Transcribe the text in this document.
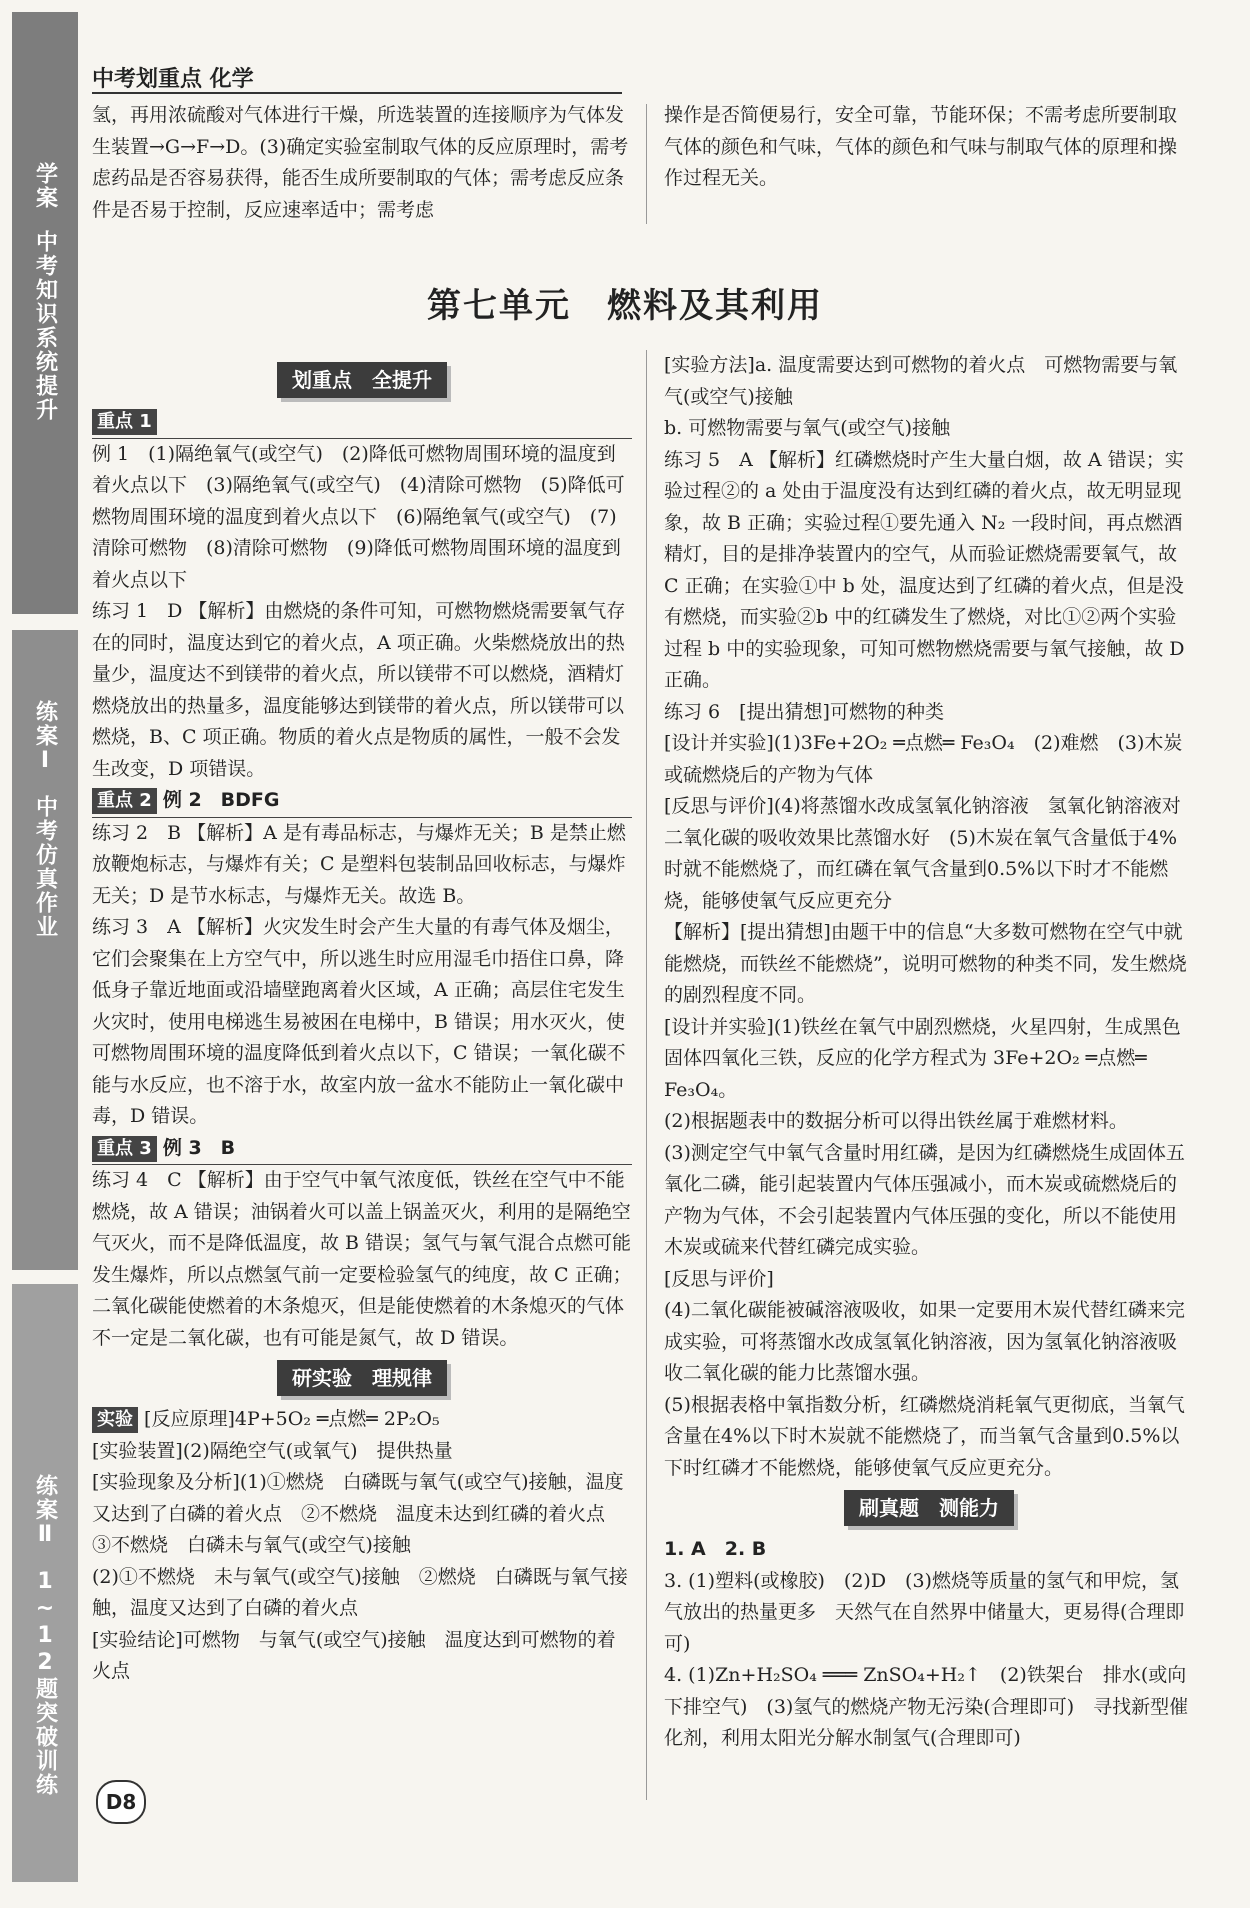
学案
中考知识系统提升
练案Ⅰ
中考仿真作业
练案Ⅱ
1~12题突破训练
中考划重点 化学

氢，再用浓硫酸对气体进行干燥，所选装置的连接顺序为气体发生装置→G→F→D。(3)确定实验室制取气体的反应原理时，需考虑药品是否容易获得，能否生成所要制取的气体；需考虑反应条件是否易于控制，反应速率适中；需考虑

操作是否简便易行，安全可靠，节能环保；不需考虑所要制取气体的颜色和气味，气体的颜色和气味与制取气体的原理和操作过程无关。

第七单元　燃料及其利用
划重点　全提升
重点 1

例 1　(1)隔绝氧气(或空气)　(2)降低可燃物周围环境的温度到着火点以下　(3)隔绝氧气(或空气)　(4)清除可燃物　(5)降低可燃物周围环境的温度到着火点以下　(6)隔绝氧气(或空气)　(7)清除可燃物　(8)清除可燃物　(9)降低可燃物周围环境的温度到着火点以下

练习 1　D 【解析】由燃烧的条件可知，可燃物燃烧需要氧气存在的同时，温度达到它的着火点，A 项正确。火柴燃烧放出的热量少，温度达不到镁带的着火点，所以镁带不可以燃烧，酒精灯燃烧放出的热量多，温度能够达到镁带的着火点，所以镁带可以燃烧，B、C 项正确。物质的着火点是物质的属性，一般不会发生改变，D 项错误。

重点 2 例 2　BDFG

练习 2　B 【解析】A 是有毒品标志，与爆炸无关；B 是禁止燃放鞭炮标志，与爆炸有关；C 是塑料包装制品回收标志，与爆炸无关；D 是节水标志，与爆炸无关。故选 B。

练习 3　A 【解析】火灾发生时会产生大量的有毒气体及烟尘，它们会聚集在上方空气中，所以逃生时应用湿毛巾捂住口鼻，降低身子靠近地面或沿墙壁跑离着火区域，A 正确；高层住宅发生火灾时，使用电梯逃生易被困在电梯中，B 错误；用水灭火，使可燃物周围环境的温度降低到着火点以下，C 错误；一氧化碳不能与水反应，也不溶于水，故室内放一盆水不能防止一氧化碳中毒，D 错误。

重点 3 例 3　B

练习 4　C 【解析】由于空气中氧气浓度低，铁丝在空气中不能燃烧，故 A 错误；油锅着火可以盖上锅盖灭火，利用的是隔绝空气灭火，而不是降低温度，故 B 错误；氢气与氧气混合点燃可能发生爆炸，所以点燃氢气前一定要检验氢气的纯度，故 C 正确；二氧化碳能使燃着的木条熄灭，但是能使燃着的木条熄灭的气体不一定是二氧化碳，也有可能是氮气，故 D 错误。

研实验　理规律

实验 [反应原理]4P+5O₂ ═点燃═ 2P₂O₅

[实验装置](2)隔绝空气(或氧气)　提供热量

[实验现象及分析](1)①燃烧　白磷既与氧气(或空气)接触，温度又达到了白磷的着火点　②不燃烧　温度未达到红磷的着火点　③不燃烧　白磷未与氧气(或空气)接触

(2)①不燃烧　未与氧气(或空气)接触　②燃烧　白磷既与氧气接触，温度又达到了白磷的着火点

[实验结论]可燃物　与氧气(或空气)接触　温度达到可燃物的着火点

[实验方法]a. 温度需要达到可燃物的着火点　可燃物需要与氧气(或空气)接触

b. 可燃物需要与氧气(或空气)接触

练习 5　A 【解析】红磷燃烧时产生大量白烟，故 A 错误；实验过程②的 a 处由于温度没有达到红磷的着火点，故无明显现象，故 B 正确；实验过程①要先通入 N₂ 一段时间，再点燃酒精灯，目的是排净装置内的空气，从而验证燃烧需要氧气，故 C 正确；在实验①中 b 处，温度达到了红磷的着火点，但是没有燃烧，而实验②b 中的红磷发生了燃烧，对比①②两个实验过程 b 中的实验现象，可知可燃物燃烧需要与氧气接触，故 D 正确。

练习 6　[提出猜想]可燃物的种类

[设计并实验](1)3Fe+2O₂ ═点燃═ Fe₃O₄　(2)难燃　(3)木炭或硫燃烧后的产物为气体

[反思与评价](4)将蒸馏水改成氢氧化钠溶液　氢氧化钠溶液对二氧化碳的吸收效果比蒸馏水好　(5)木炭在氧气含量低于4%时就不能燃烧了，而红磷在氧气含量到0.5%以下时才不能燃烧，能够使氧气反应更充分

【解析】[提出猜想]由题干中的信息“大多数可燃物在空气中就能燃烧，而铁丝不能燃烧”，说明可燃物的种类不同，发生燃烧的剧烈程度不同。

[设计并实验](1)铁丝在氧气中剧烈燃烧，火星四射，生成黑色固体四氧化三铁，反应的化学方程式为 3Fe+2O₂ ═点燃═ Fe₃O₄。

(2)根据题表中的数据分析可以得出铁丝属于难燃材料。

(3)测定空气中氧气含量时用红磷，是因为红磷燃烧生成固体五氧化二磷，能引起装置内气体压强减小，而木炭或硫燃烧后的产物为气体，不会引起装置内气体压强的变化，所以不能使用木炭或硫来代替红磷完成实验。

[反思与评价]

(4)二氧化碳能被碱溶液吸收，如果一定要用木炭代替红磷来完成实验，可将蒸馏水改成氢氧化钠溶液，因为氢氧化钠溶液吸收二氧化碳的能力比蒸馏水强。

(5)根据表格中氧指数分析，红磷燃烧消耗氧气更彻底，当氧气含量在4%以下时木炭就不能燃烧了，而当氧气含量到0.5%以下时红磷才不能燃烧，能够使氧气反应更充分。

刷真题　测能力

1. A　2. B

3. (1)塑料(或橡胶)　(2)D　(3)燃烧等质量的氢气和甲烷，氢气放出的热量更多　天然气在自然界中储量大，更易得(合理即可)

4. (1)Zn+H₂SO₄ ═══ ZnSO₄+H₂↑　(2)铁架台　排水(或向下排空气)　(3)氢气的燃烧产物无污染(合理即可)　寻找新型催化剂，利用太阳光分解水制氢气(合理即可)

D8
